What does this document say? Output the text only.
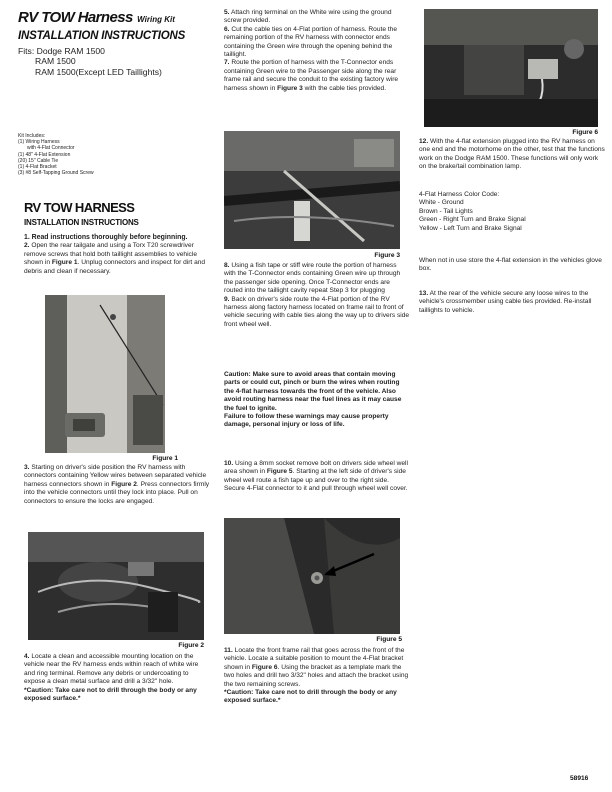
RV TOW Harness Wiring Kit
INSTALLATION INSTRUCTIONS
Fits: Dodge RAM 1500
RAM 1500
RAM 1500(Except LED Taillights)
Kit Includes:
(1) Wiring Harness
with 4-Flat Connector
(1) 48" 4-Flat Extension
(20) 15" Cable Tie
(1) 4-Flat Bracket
(3) #8 Self-Tapping Ground Screw
RV TOW HARNESS
INSTALLATION INSTRUCTIONS

1. Read instructions thoroughly before beginning.

2. Open the rear tailgate and using a Torx T20 screwdriver remove screws that hold both taillight assemblies to vehicle shown in Figure 1. Unplug connectors and inspect for dirt and debris and clean if necessary.

Figure 1

3. Starting on driver's side position the RV harness with connectors containing Yellow wires between separated vehicle harness connectors shown in Figure 2. Press connectors firmly into the vehicle connectors until they lock into place. Pull on connectors to ensure the locks are engaged.

Figure 2

4. Locate a clean and accessible mounting location on the vehicle near the RV harness ends within reach of white wire and ring terminal. Remove any debris or undercoating to expose a clean metal surface and drill a 3/32" hole.

*Caution: Take care not to drill through the body or any exposed surface.*

5. Attach ring terminal on the White wire using the ground screw provided.

6. Cut the cable ties on 4-Flat portion of harness. Route the remaining portion of the RV harness with connector ends containing the Green wire through the opening behind the taillight.

7. Route the portion of harness with the T-Connector ends containing Green wire to the Passenger side along the rear frame rail and secure the conduit to the existing factory wire harness shown in Figure 3 with the cable ties provided.

Figure 3

8. Using a fish tape or stiff wire route the portion of harness with the T-Connector ends containing Green wire up through the passenger side opening. Once T-Connector ends are routed into the taillight cavity repeat Step 3 for plugging

9. Back on driver's side route the 4-Flat portion of the RV harness along factory harness located on frame rail to front of vehicle securing with cable ties along the way up to drivers side front wheel well.

Caution: Make sure to avoid areas that contain moving parts or could cut, pinch or burn the wires when routing the 4-flat harness towards the front of the vehicle. Also avoid routing harness near the fuel lines as it may cause the fuel to ignite.

Failure to follow these warnings may cause property damage, personal injury or loss of life.

10. Using a 8mm socket remove bolt on drivers side wheel well area shown in Figure 5. Starting at the left side of driver's side wheel well route a fish tape up and over to the right side. Secure 4-Flat connector to it and pull through wheel well cover.

Figure 5

11. Locate the front frame rail that goes across the front of the vehicle. Locate a suitable position to mount the 4-Flat bracket shown in Figure 6. Using the bracket as a template mark the two holes and drill two 3/32" holes and attach the bracket using the two remaining screws.

*Caution: Take care not to drill through the body or any exposed surface.*

Figure 6

12. With the 4-flat extension plugged into the RV harness on one end and the motorhome on the other, test that the functions work on the Dodge RAM 1500. These functions will only work on the brake/tail combination lamp.

4-Flat Harness Color Code:

White - Ground

Brown - Tail Lights

Green - Right Turn and Brake Signal

Yellow - Left Turn and Brake Signal

When not in use store the 4-flat extension in the vehicles glove box.

13. At the rear of the vehicle secure any loose wires to the vehicle's crossmember using cable ties provided. Re-install taillights to vehicle.

58916
